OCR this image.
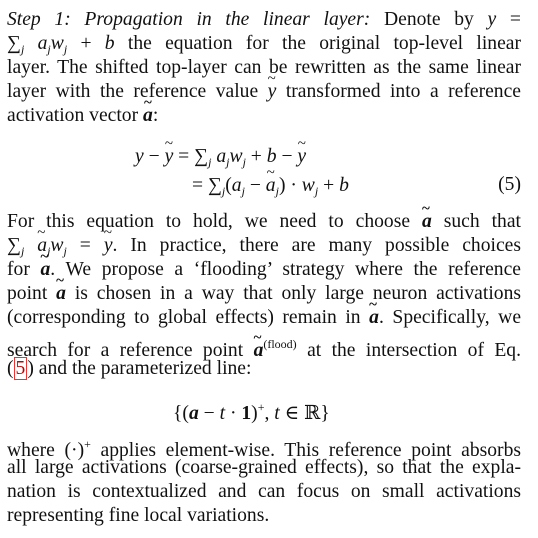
Step 1: Propagation in the linear layer: Denote by y =
$\sum_j$ $a_jw_j + b$ the equation for the original top-level linear
layer. The shifted top-layer can be rewritten as the same linear
layer with the reference value ~ y transformed into a reference
activation vector ~ a:
y − ~ $y = \sum_j$ $a_jw_j + b$ − ~ y
= $\sum_j(a_j$ − ~ $a_j) \cdot w_j + b$	(5)
For this equation to hold, we need to choose ~ a such that
$\sum_j$ ~ $a_jw_j$ = ~ y. In practice, there are many possible choices
for ~ a. We propose a ‘flooding’ strategy where the reference
point ~ a is chosen in a way that only large neuron activations
(corresponding to global effects) remain in ~ a. Specifically, we
search for a reference point ~ $a^{(flood)}$ at the intersection of Eq.
( 5 ) and the parameterized line:
{(a − t · 1)+, t ∈ ℝ}
where (·)+ applies element-wise. This reference point absorbs
all large activations (coarse-grained effects), so that the expla-
nation is contextualized and can focus on small activations
representing fine local variations.
